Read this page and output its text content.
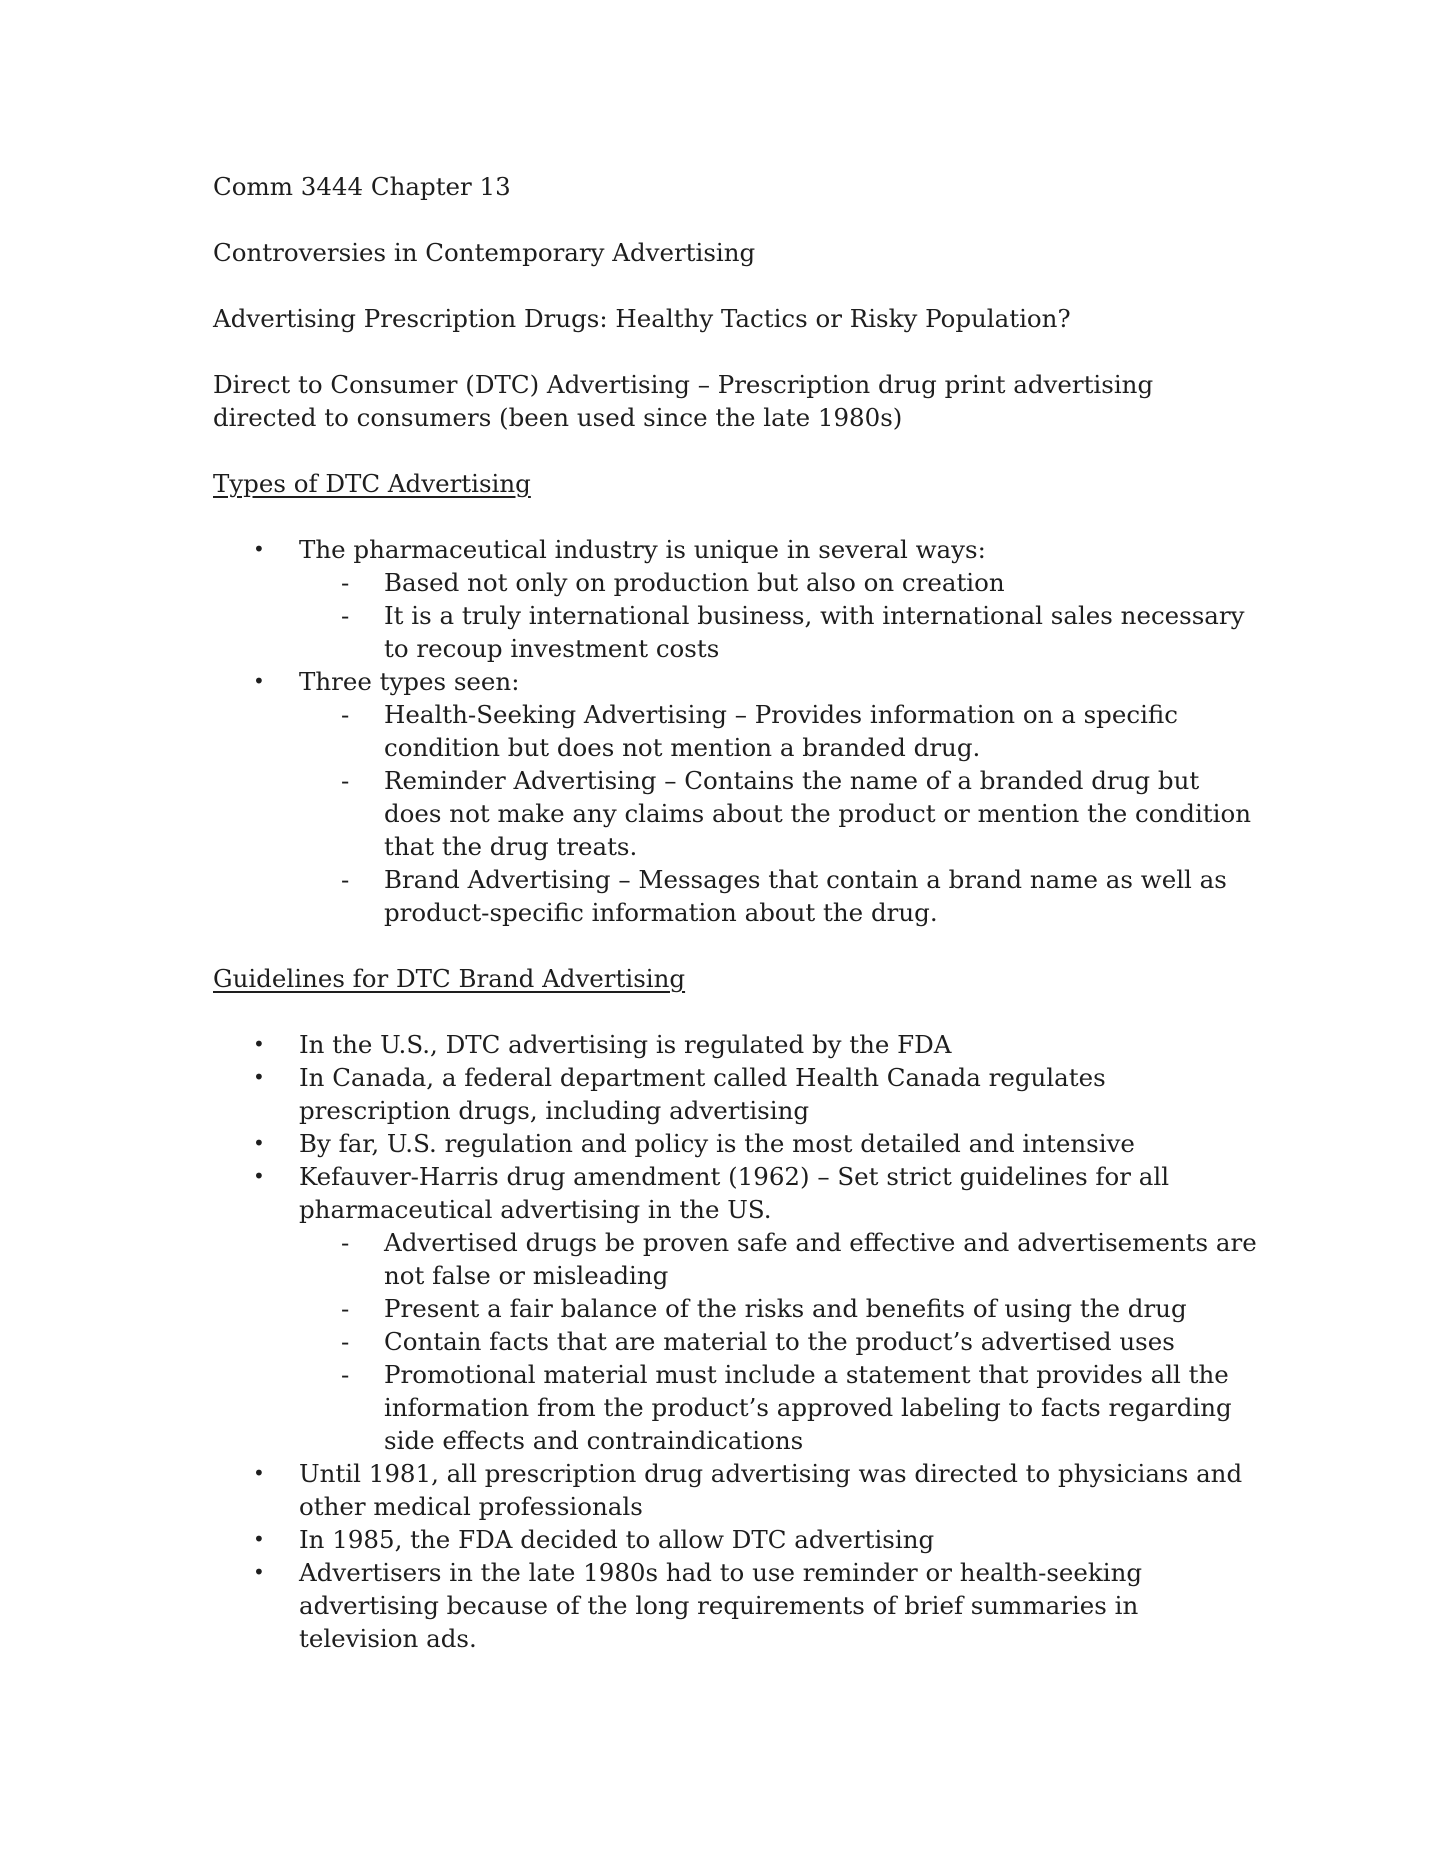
Comm 3444 Chapter 13

Controversies in Contemporary Advertising

Advertising Prescription Drugs: Healthy Tactics or Risky Population?

Direct to Consumer (DTC) Advertising – Prescription drug print advertising directed to consumers (been used since the late 1980s)

Types of DTC Advertising

• The pharmaceutical industry is unique in several ways:
- Based not only on production but also on creation
- It is a truly international business, with international sales necessary to recoup investment costs
• Three types seen:
- Health-Seeking Advertising – Provides information on a specific condition but does not mention a branded drug.
- Reminder Advertising – Contains the name of a branded drug but does not make any claims about the product or mention the condition that the drug treats.
- Brand Advertising – Messages that contain a brand name as well as product-specific information about the drug.

Guidelines for DTC Brand Advertising

• In the U.S., DTC advertising is regulated by the FDA
• In Canada, a federal department called Health Canada regulates prescription drugs, including advertising
• By far, U.S. regulation and policy is the most detailed and intensive
• Kefauver-Harris drug amendment (1962) – Set strict guidelines for all pharmaceutical advertising in the US.
- Advertised drugs be proven safe and effective and advertisements are not false or misleading
- Present a fair balance of the risks and benefits of using the drug
- Contain facts that are material to the product’s advertised uses
- Promotional material must include a statement that provides all the information from the product’s approved labeling to facts regarding side effects and contraindications
• Until 1981, all prescription drug advertising was directed to physicians and other medical professionals
• In 1985, the FDA decided to allow DTC advertising
• Advertisers in the late 1980s had to use reminder or health-seeking advertising because of the long requirements of brief summaries in television ads.
